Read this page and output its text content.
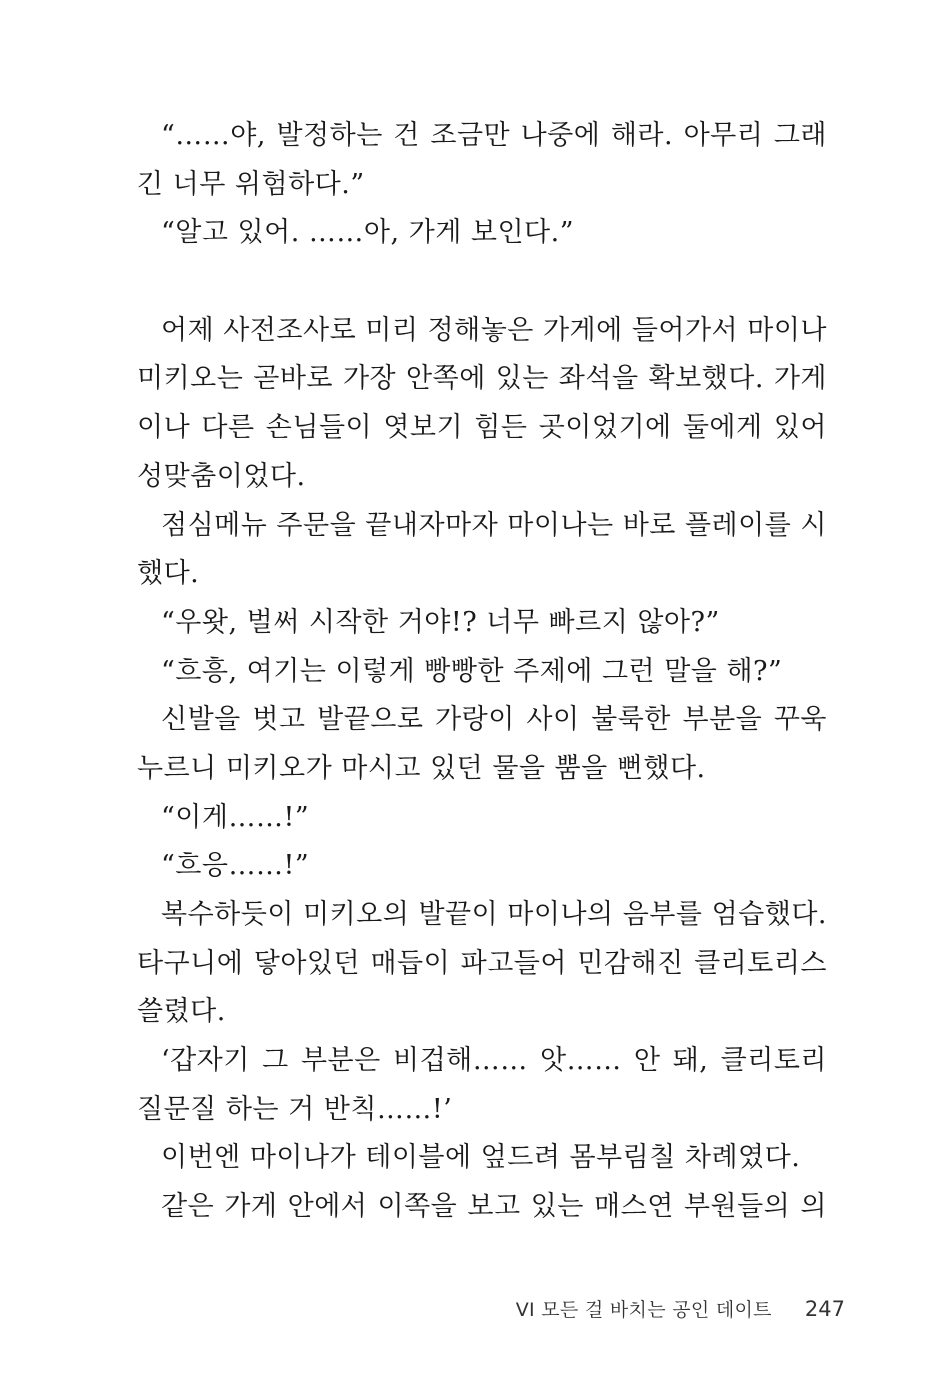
“……야, 발정하는 건 조금만 나중에 해라. 아무리 그래
긴 너무 위험하다.”
“알고 있어. ……아, 가게 보인다.”
어제 사전조사로 미리 정해놓은 가게에 들어가서 마이나
미키오는 곧바로 가장 안쪽에 있는 좌석을 확보했다. 가게
이나 다른 손님들이 엿보기 힘든 곳이었기에 둘에게 있어
성맞춤이었다.
점심메뉴 주문을 끝내자마자 마이나는 바로 플레이를 시
했다.
“우왓, 벌써 시작한 거야!? 너무 빠르지 않아?”
“흐흥, 여기는 이렇게 빵빵한 주제에 그런 말을 해?”
신발을 벗고 발끝으로 가랑이 사이 불룩한 부분을 꾸욱
누르니 미키오가 마시고 있던 물을 뿜을 뻔했다.
“이게……!”
“흐응……!”
복수하듯이 미키오의 발끝이 마이나의 음부를 엄습했다.
타구니에 닿아있던 매듭이 파고들어 민감해진 클리토리스
쓸렸다.
‘갑자기 그 부분은 비겁해…… 앗…… 안 돼, 클리토리
질문질 하는 거 반칙……!’
이번엔 마이나가 테이블에 엎드려 몸부림칠 차례였다.
같은 가게 안에서 이쪽을 보고 있는 매스연 부원들의 의
VI 모든 걸 바치는 공인 데이트 247
